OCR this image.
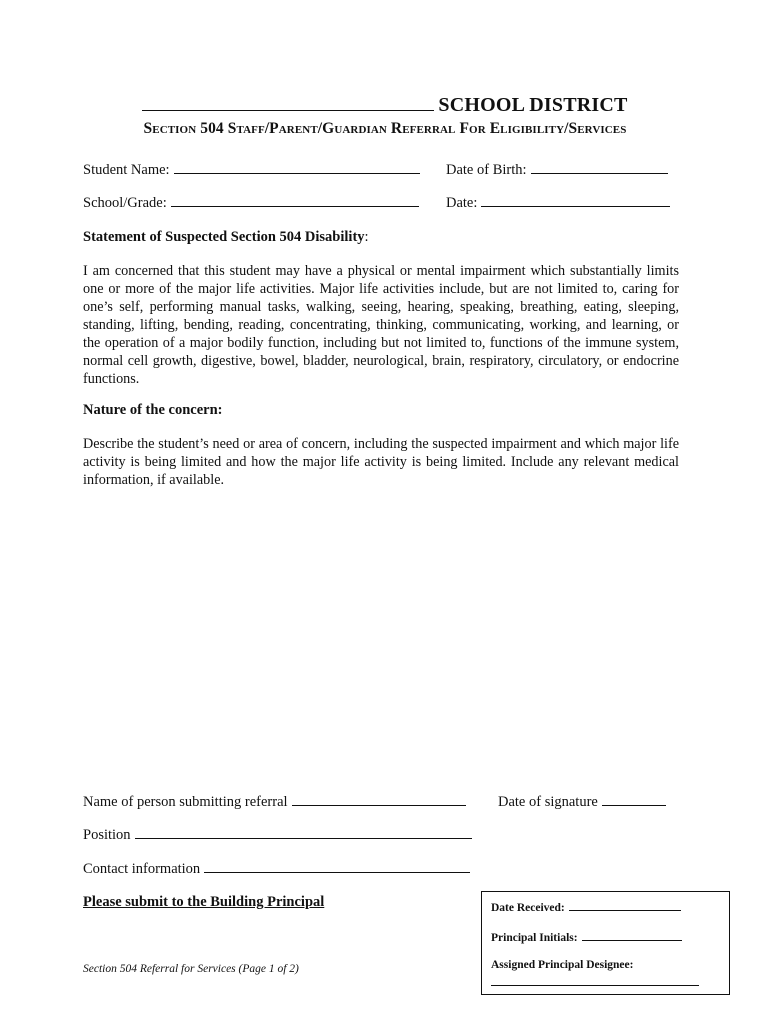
SCHOOL DISTRICT
Section 504 Staff/Parent/Guardian Referral For Eligibility/Services
Student Name:	Date of Birth:
School/Grade:	Date:
Statement of Suspected Section 504 Disability:
I am concerned that this student may have a physical or mental impairment which substantially limits one or more of the major life activities. Major life activities include, but are not limited to, caring for one’s self, performing manual tasks, walking, seeing, hearing, speaking, breathing, eating, sleeping, standing, lifting, bending, reading, concentrating, thinking, communicating, working, and learning, or the operation of a major bodily function, including but not limited to, functions of the immune system, normal cell growth, digestive, bowel, bladder, neurological, brain, respiratory, circulatory, or endocrine functions.
Nature of the concern:
Describe the student’s need or area of concern, including the suspected impairment and which major life activity is being limited and how the major life activity is being limited. Include any relevant medical information, if available.
Name of person submitting referral	Date of signature
Position
Contact information
Please submit to the Building Principal	Date Received:
Principal Initials:
Assigned Principal Designee:
Section 504 Referral for Services (Page 1 of 2)
